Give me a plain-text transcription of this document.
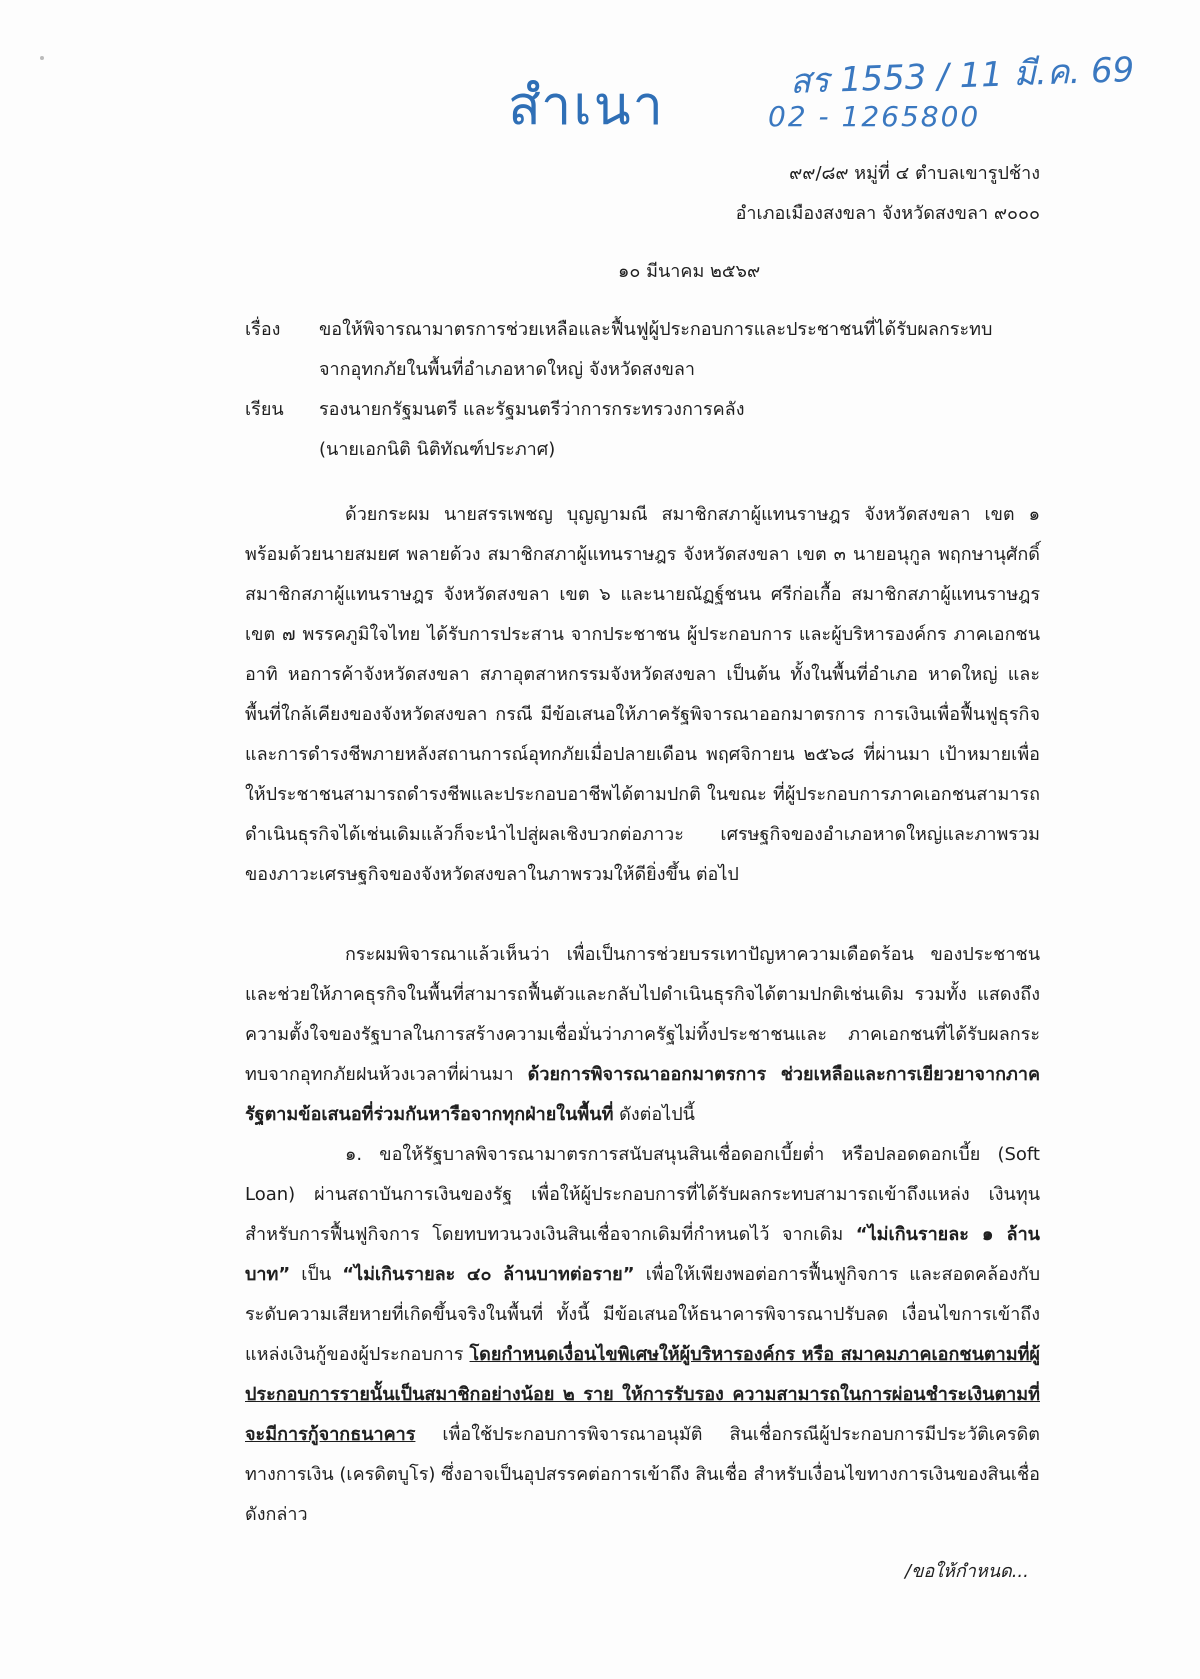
สำเนา	สร 1553 / 11 มี.ค. 69
02 - 1265800
๙๙/๘๙ หมู่ที่ ๔ ตำบลเขารูปช้าง
อำเภอเมืองสงขลา จังหวัดสงขลา ๙๐๐๐
๑๐ มีนาคม ๒๕๖๙
เรื่อง	ขอให้พิจารณามาตรการช่วยเหลือและฟื้นฟูผู้ประกอบการและประชาชนที่ได้รับผลกระทบ
จากอุทกภัยในพื้นที่อำเภอหาดใหญ่ จังหวัดสงขลา
เรียน	รองนายกรัฐมนตรี และรัฐมนตรีว่าการกระทรวงการคลัง
(นายเอกนิติ นิติทัณฑ์ประภาศ)

ด้วยกระผม นายสรรเพชญ บุญญามณี สมาชิกสภาผู้แทนราษฎร จังหวัดสงขลา เขต ๑ พร้อมด้วยนายสมยศ พลายด้วง สมาชิกสภาผู้แทนราษฎร จังหวัดสงขลา เขต ๓ นายอนุกูล พฤกษานุศักดิ์ สมาชิกสภาผู้แทนราษฎร จังหวัดสงขลา เขต ๖ และนายณัฏฐ์ชนน ศรีก่อเกื้อ สมาชิกสภาผู้แทนราษฎร เขต ๗ พรรคภูมิใจไทย ได้รับการประสาน จากประชาชน ผู้ประกอบการ และผู้บริหารองค์กร ภาคเอกชน อาทิ หอการค้าจังหวัดสงขลา สภาอุตสาหกรรมจังหวัดสงขลา เป็นต้น ทั้งในพื้นที่อำเภอ หาดใหญ่ และพื้นที่ใกล้เคียงของจังหวัดสงขลา กรณี มีข้อเสนอให้ภาครัฐพิจารณาออกมาตรการ การเงินเพื่อฟื้นฟูธุรกิจและการดำรงชีพภายหลังสถานการณ์อุทกภัยเมื่อปลายเดือน พฤศจิกายน ๒๕๖๘ ที่ผ่านมา เป้าหมายเพื่อให้ประชาชนสามารถดำรงชีพและประกอบอาชีพได้ตามปกติ ในขณะ ที่ผู้ประกอบการภาคเอกชนสามารถดำเนินธุรกิจได้เช่นเดิมแล้วก็จะนำไปสู่ผลเชิงบวกต่อภาวะ เศรษฐกิจของอำเภอหาดใหญ่และภาพรวมของภาวะเศรษฐกิจของจังหวัดสงขลาในภาพรวมให้ดียิ่งขึ้น ต่อไป

กระผมพิจารณาแล้วเห็นว่า เพื่อเป็นการช่วยบรรเทาปัญหาความเดือดร้อน ของประชาชนและช่วยให้ภาคธุรกิจในพื้นที่สามารถฟื้นตัวและกลับไปดำเนินธุรกิจได้ตามปกติเช่นเดิม รวมทั้ง แสดงถึงความตั้งใจของรัฐบาลในการสร้างความเชื่อมั่นว่าภาครัฐไม่ทิ้งประชาชนและ ภาคเอกชนที่ได้รับผลกระทบจากอุทกภัยฝนห้วงเวลาที่ผ่านมา ด้วยการพิจารณาออกมาตรการ ช่วยเหลือและการเยียวยาจากภาครัฐตามข้อเสนอที่ร่วมกันหารือจากทุกฝ่ายในพื้นที่ ดังต่อไปนี้

๑. ขอให้รัฐบาลพิจารณามาตรการสนับสนุนสินเชื่อดอกเบี้ยต่ำ หรือปลอดดอกเบี้ย (Soft Loan) ผ่านสถาบันการเงินของรัฐ เพื่อให้ผู้ประกอบการที่ได้รับผลกระทบสามารถเข้าถึงแหล่ง เงินทุนสำหรับการฟื้นฟูกิจการ โดยทบทวนวงเงินสินเชื่อจากเดิมที่กำหนดไว้ จากเดิม “ไม่เกินรายละ ๑ ล้านบาท” เป็น “ไม่เกินรายละ ๔๐ ล้านบาทต่อราย” เพื่อให้เพียงพอต่อการฟื้นฟูกิจการ และสอดคล้องกับระดับความเสียหายที่เกิดขึ้นจริงในพื้นที่ ทั้งนี้ มีข้อเสนอให้ธนาคารพิจารณาปรับลด เงื่อนไขการเข้าถึงแหล่งเงินกู้ของผู้ประกอบการ โดยกำหนดเงื่อนไขพิเศษให้ผู้บริหารองค์กร หรือ สมาคมภาคเอกชนตามที่ผู้ประกอบการรายนั้นเป็นสมาชิกอย่างน้อย ๒ ราย ให้การรับรอง ความสามารถในการผ่อนชำระเงินตามที่จะมีการกู้จากธนาคาร เพื่อใช้ประกอบการพิจารณาอนุมัติ สินเชื่อกรณีผู้ประกอบการมีประวัติเครดิตทางการเงิน (เครดิตบูโร) ซึ่งอาจเป็นอุปสรรคต่อการเข้าถึง สินเชื่อ สำหรับเงื่อนไขทางการเงินของสินเชื่อดังกล่าว

/ขอให้กำหนด...
